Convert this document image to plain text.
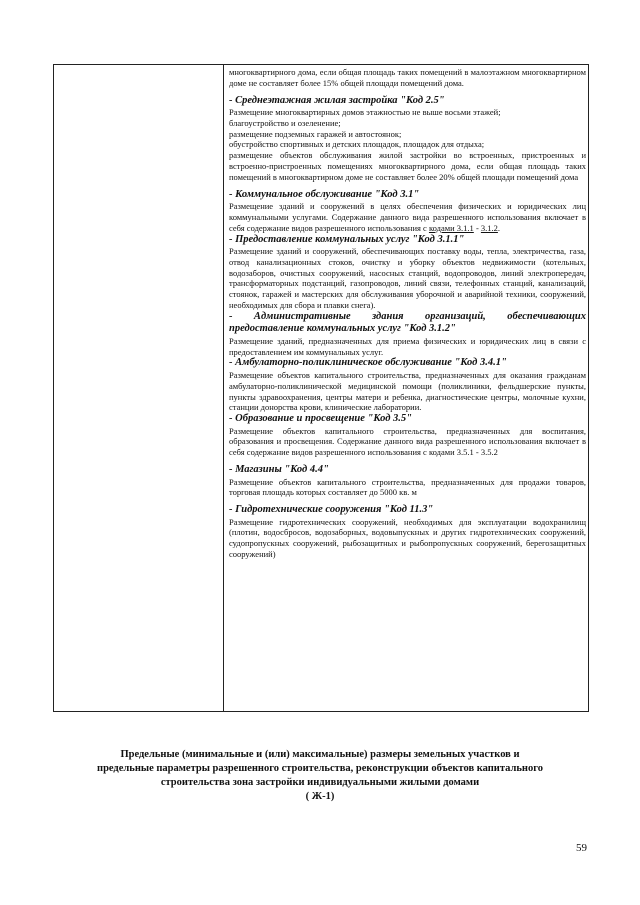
многоквартирного дома, если общая площадь таких помещений в малоэтажном многоквартирном доме не составляет более 15% общей площади помещений дома.

- Среднеэтажная жилая застройка "Код 2.5"

Размещение многоквартирных домов этажностью не выше восьми этажей;

благоустройство и озеленение;

размещение подземных гаражей и автостоянок;

обустройство спортивных и детских площадок, площадок для отдыха;

размещение объектов обслуживания жилой застройки во встроенных, пристроенных и встроенно-пристроенных помещениях многоквартирного дома, если общая площадь таких помещений в многоквартирном доме не составляет более 20% общей площади помещений дома

- Коммунальное обслуживание "Код 3.1"

Размещение зданий и сооружений в целях обеспечения физических и юридических лиц коммунальными услугами. Содержание данного вида разрешенного использования включает в себя содержание видов разрешенного использования с кодами 3.1.1 - 3.1.2.

- Предоставление коммунальных услуг "Код 3.1.1"

Размещение зданий и сооружений, обеспечивающих поставку воды, тепла, электричества, газа, отвод канализационных стоков, очистку и уборку объектов недвижимости (котельных, водозаборов, очистных сооружений, насосных станций, водопроводов, линий электропередач, трансформаторных подстанций, газопроводов, линий связи, телефонных станций, канализаций, стоянок, гаражей и мастерских для обслуживания уборочной и аварийной техники, сооружений, необходимых для сбора и плавки снега).

- Административные здания организаций, обеспечивающих предоставление коммунальных услуг "Код 3.1.2"

Размещение зданий, предназначенных для приема физических и юридических лиц в связи с предоставлением им коммунальных услуг.

- Амбулаторно-поликлиническое обслуживание "Код 3.4.1"

Размещение объектов капитального строительства, предназначенных для оказания гражданам амбулаторно-поликлинической медицинской помощи (поликлиники, фельдшерские пункты, пункты здравоохранения, центры матери и ребенка, диагностические центры, молочные кухни, станции донорства крови, клинические лаборатории.

- Образование и просвещение "Код 3.5"

Размещение объектов капитального строительства, предназначенных для воспитания, образования и просвещения. Содержание данного вида разрешенного использования включает в себя содержание видов разрешенного использования с кодами 3.5.1 - 3.5.2

- Магазины "Код 4.4"

Размещение объектов капитального строительства, предназначенных для продажи товаров, торговая площадь которых составляет до 5000 кв. м

- Гидротехнические сооружения "Код 11.3"

Размещение гидротехнических сооружений, необходимых для эксплуатации водохранилищ (плотин, водосбросов, водозаборных, водовыпускных и других гидротехнических сооружений, судопропускных сооружений, рыбозащитных и рыбопропускных сооружений, берегозащитных сооружений)

Предельные (минимальные и (или) максимальные) размеры земельных участков и
предельные параметры разрешенного строительства, реконструкции объектов капитального
строительства зона застройки индивидуальными жилыми домами
( Ж-1)
59
